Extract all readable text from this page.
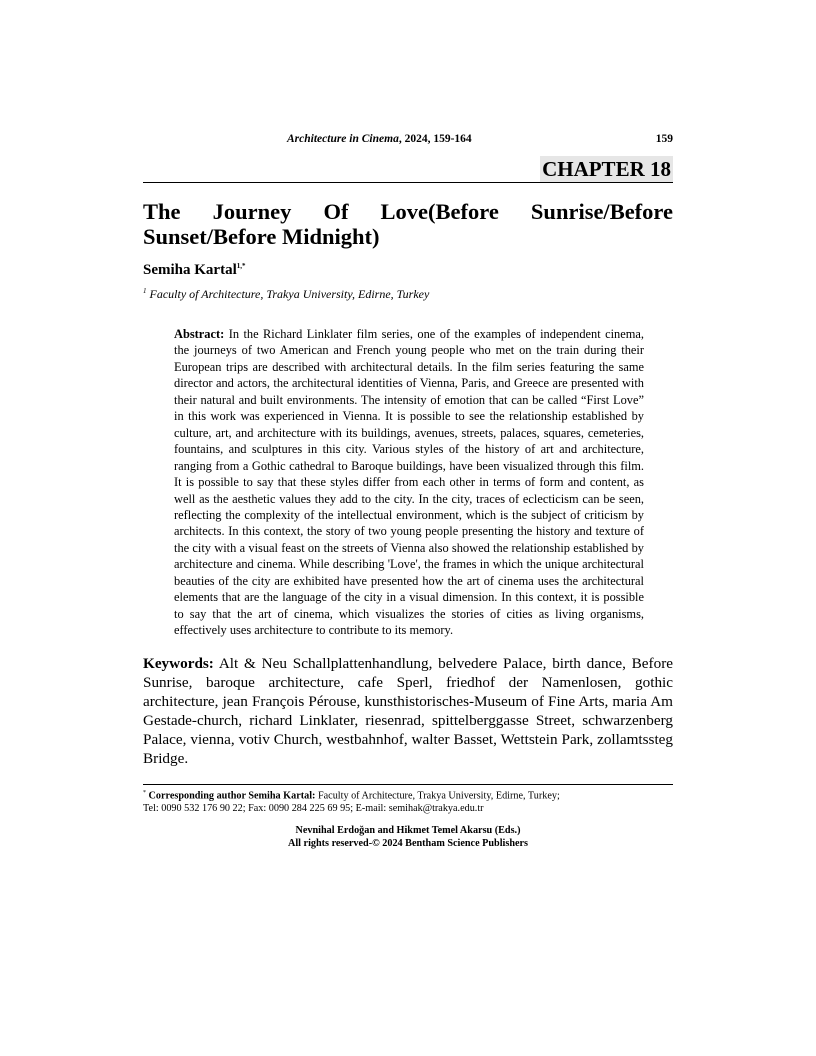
Architecture in Cinema, 2024, 159-164	159
CHAPTER 18
The Journey Of Love(Before Sunrise/Before Sunset/Before Midnight)
Semiha Kartal$^{1,*}$
$^1$ Faculty of Architecture, Trakya University, Edirne, Turkey
Abstract: In the Richard Linklater film series, one of the examples of independent cinema, the journeys of two American and French young people who met on the train during their European trips are described with architectural details. In the film series featuring the same director and actors, the architectural identities of Vienna, Paris, and Greece are presented with their natural and built environments. The intensity of emotion that can be called “First Love” in this work was experienced in Vienna. It is possible to see the relationship established by culture, art, and architecture with its buildings, avenues, streets, palaces, squares, cemeteries, fountains, and sculptures in this city. Various styles of the history of art and architecture, ranging from a Gothic cathedral to Baroque buildings, have been visualized through this film. It is possible to say that these styles differ from each other in terms of form and content, as well as the aesthetic values they add to the city. In the city, traces of eclecticism can be seen, reflecting the complexity of the intellectual environment, which is the subject of criticism by architects. In this context, the story of two young people presenting the history and texture of the city with a visual feast on the streets of Vienna also showed the relationship established by architecture and cinema. While describing 'Love', the frames in which the unique architectural beauties of the city are exhibited have presented how the art of cinema uses the architectural elements that are the language of the city in a visual dimension. In this context, it is possible to say that the art of cinema, which visualizes the stories of cities as living organisms, effectively uses architecture to contribute to its memory.
Keywords: Alt & Neu Schallplattenhandlung, belvedere Palace, birth dance, Before Sunrise, baroque architecture, cafe Sperl, friedhof der Namenlosen, gothic architecture, jean François Pérouse, kunsthistorisches-Museum of Fine Arts, maria Am Gestade-church, richard Linklater, riesenrad, spittelberggasse Street, schwarzenberg Palace, vienna, votiv Church, westbahnhof, walter Basset, Wettstein Park, zollamtssteg Bridge.
* Corresponding author Semiha Kartal: Faculty of Architecture, Trakya University, Edirne, Turkey;
Tel: 0090 532 176 90 22; Fax: 0090 284 225 69 95; E-mail: semihak@trakya.edu.tr
Nevnihal Erdoğan and Hikmet Temel Akarsu (Eds.)
All rights reserved-© 2024 Bentham Science Publishers
